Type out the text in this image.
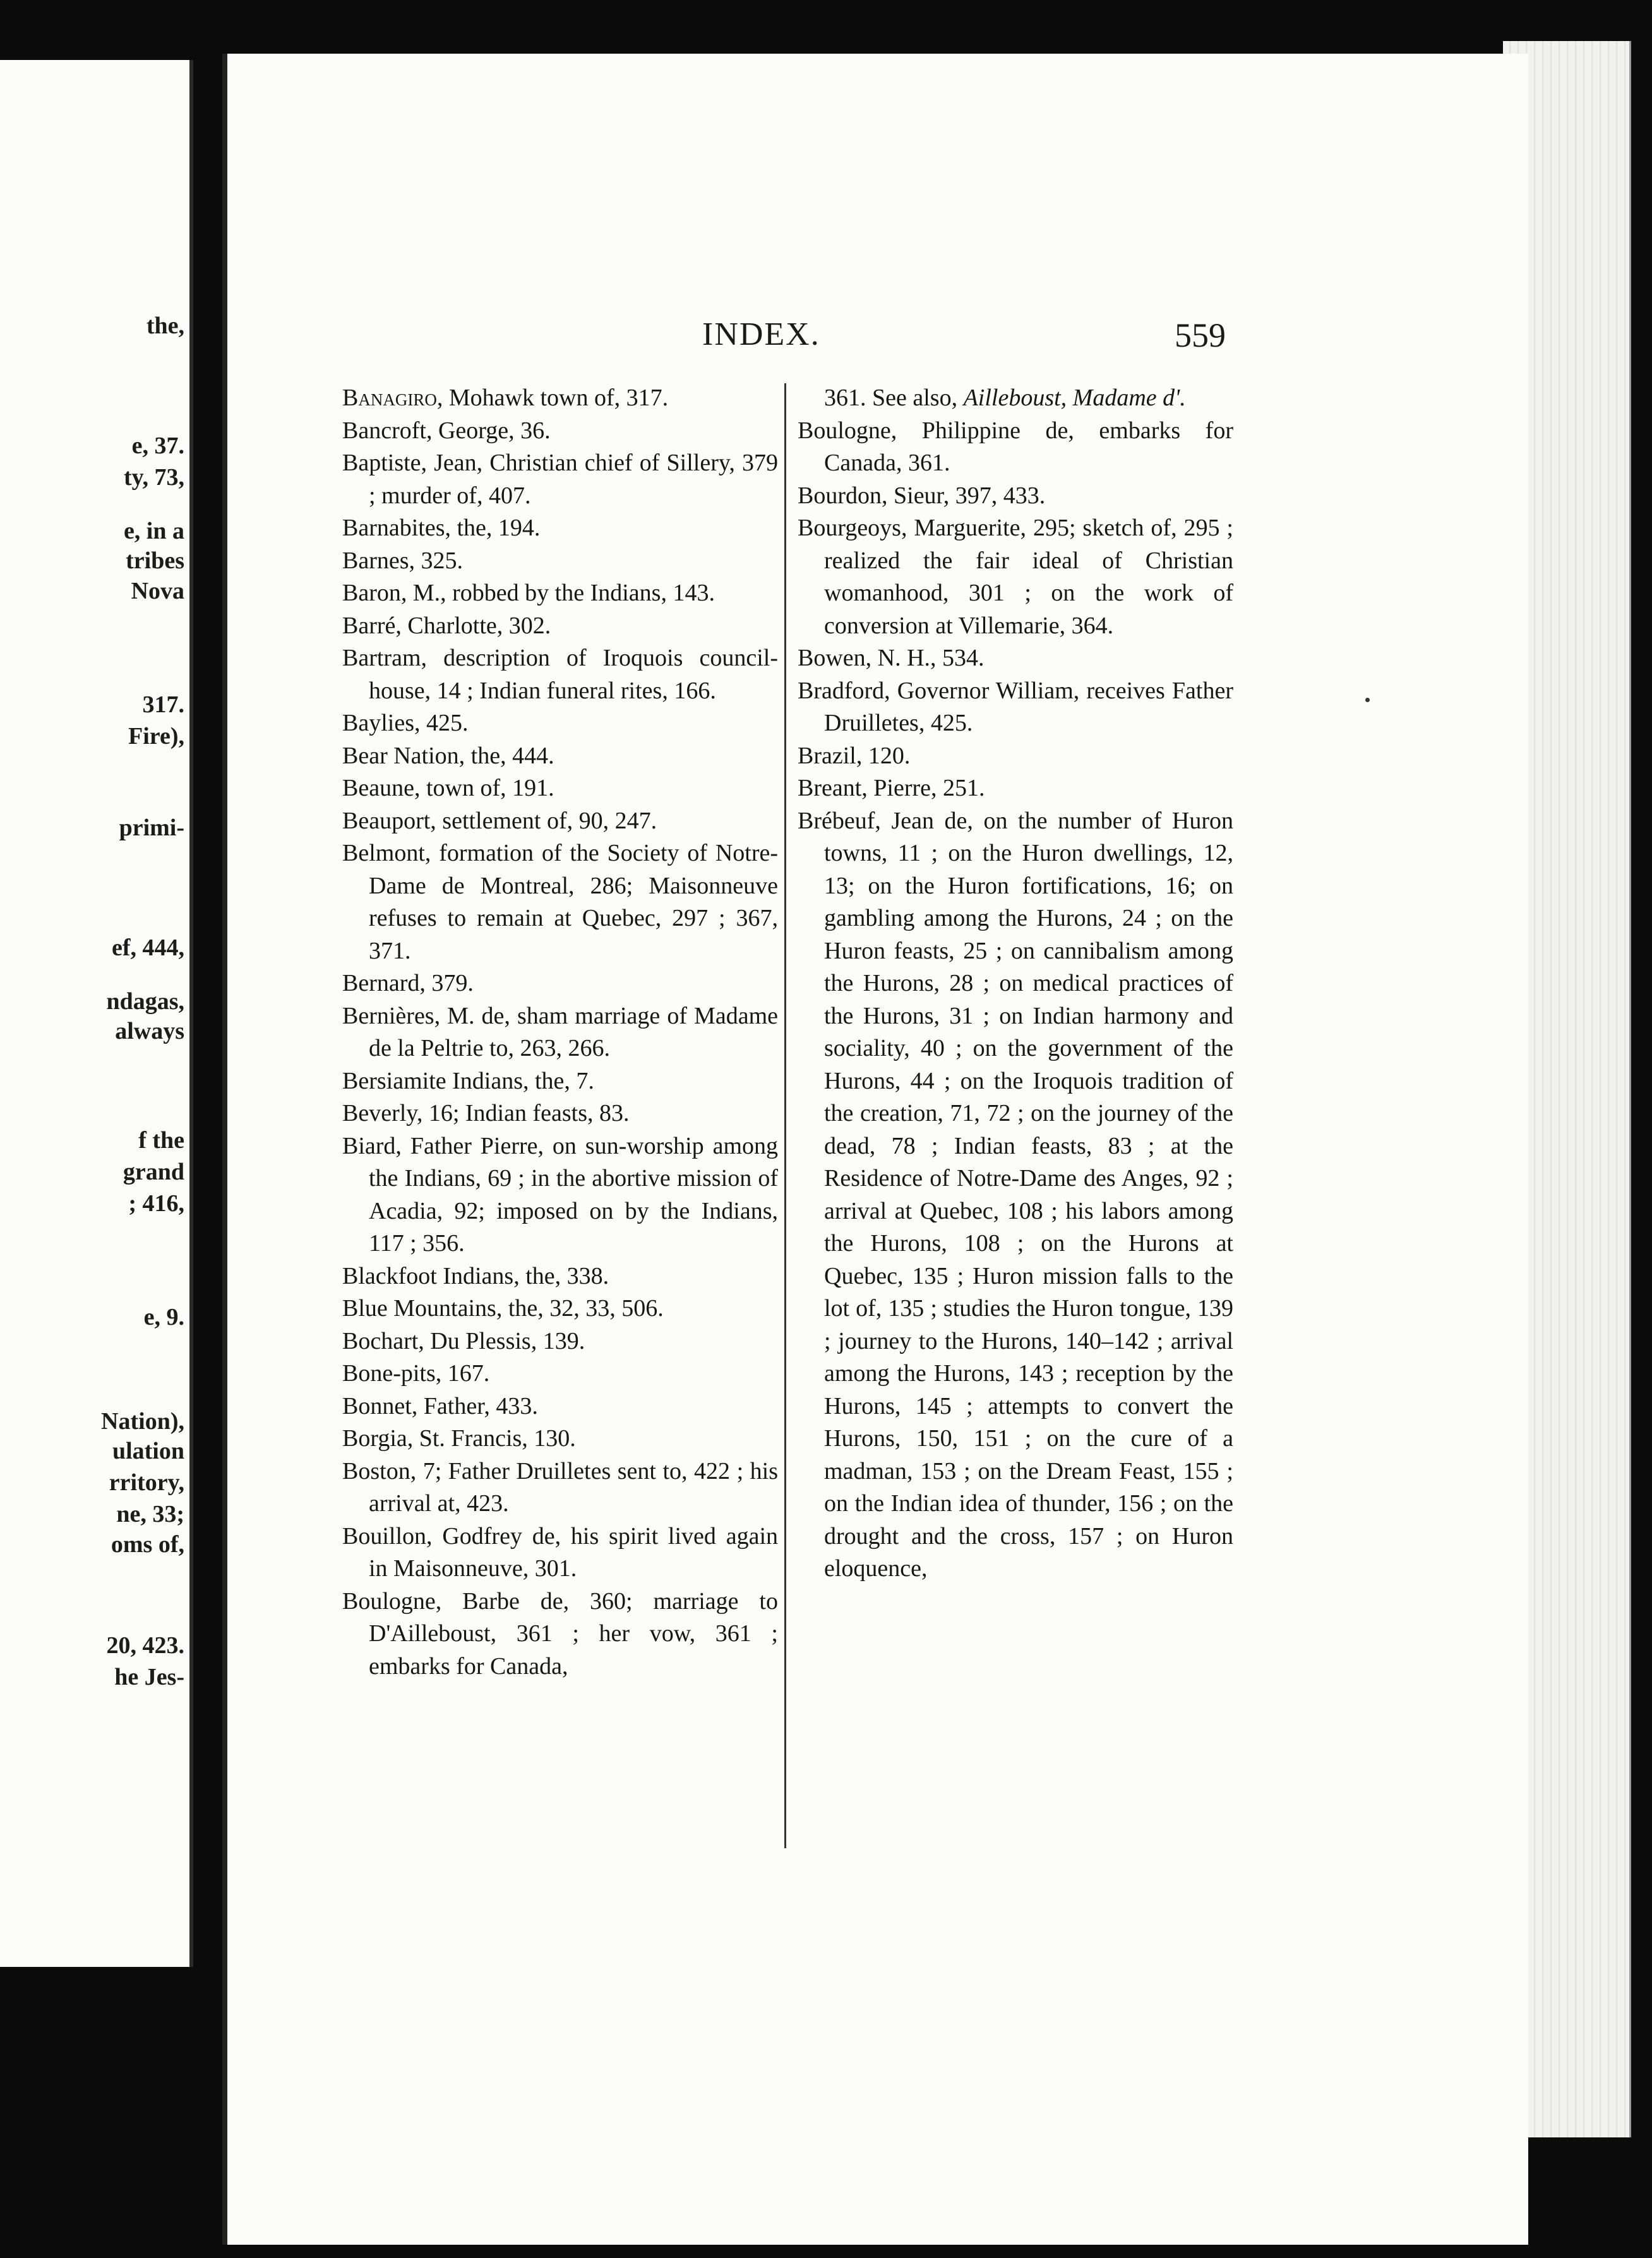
the,
e, 37.
ty, 73,
e, in a
tribes
Nova
317.
Fire),
primi-
ef, 444,
ndagas,
always
f the
grand
; 416,
e, 9.
Nation),
ulation
rritory,
ne, 33;
oms of,
20, 423.
he Jes-
INDEX.	559

Banagiro, Mohawk town of, 317.

Bancroft, George, 36.

Baptiste, Jean, Christian chief of Sillery, 379 ; murder of, 407.

Barnabites, the, 194.

Barnes, 325.

Baron, M., robbed by the Indians, 143.

Barré, Charlotte, 302.

Bartram, description of Iroquois council-house, 14 ; Indian funeral rites, 166.

Baylies, 425.

Bear Nation, the, 444.

Beaune, town of, 191.

Beauport, settlement of, 90, 247.

Belmont, formation of the Society of Notre-Dame de Montreal, 286; Maisonneuve refuses to remain at Quebec, 297 ; 367, 371.

Bernard, 379.

Bernières, M. de, sham marriage of Madame de la Peltrie to, 263, 266.

Bersiamite Indians, the, 7.

Beverly, 16; Indian feasts, 83.

Biard, Father Pierre, on sun-worship among the Indians, 69 ; in the abortive mission of Acadia, 92; imposed on by the Indians, 117 ; 356.

Blackfoot Indians, the, 338.

Blue Mountains, the, 32, 33, 506.

Bochart, Du Plessis, 139.

Bone-pits, 167.

Bonnet, Father, 433.

Borgia, St. Francis, 130.

Boston, 7; Father Druilletes sent to, 422 ; his arrival at, 423.

Bouillon, Godfrey de, his spirit lived again in Maisonneuve, 301.

Boulogne, Barbe de, 360; marriage to D'Ailleboust, 361 ; her vow, 361 ; embarks for Canada,

361. See also, Ailleboust, Madame d'.

Boulogne, Philippine de, embarks for Canada, 361.

Bourdon, Sieur, 397, 433.

Bourgeoys, Marguerite, 295; sketch of, 295 ; realized the fair ideal of Christian womanhood, 301 ; on the work of conversion at Villemarie, 364.

Bowen, N. H., 534.

Bradford, Governor William, receives Father Druilletes, 425.

Brazil, 120.

Breant, Pierre, 251.

Brébeuf, Jean de, on the number of Huron towns, 11 ; on the Huron dwellings, 12, 13; on the Huron fortifications, 16; on gambling among the Hurons, 24 ; on the Huron feasts, 25 ; on cannibalism among the Hurons, 28 ; on medical practices of the Hurons, 31 ; on Indian harmony and sociality, 40 ; on the government of the Hurons, 44 ; on the Iroquois tradition of the creation, 71, 72 ; on the journey of the dead, 78 ; Indian feasts, 83 ; at the Residence of Notre-Dame des Anges, 92 ; arrival at Quebec, 108 ; his labors among the Hurons, 108 ; on the Hurons at Quebec, 135 ; Huron mission falls to the lot of, 135 ; studies the Huron tongue, 139 ; journey to the Hurons, 140–142 ; arrival among the Hurons, 143 ; reception by the Hurons, 145 ; attempts to convert the Hurons, 150, 151 ; on the cure of a madman, 153 ; on the Dream Feast, 155 ; on the Indian idea of thunder, 156 ; on the drought and the cross, 157 ; on Huron eloquence,
